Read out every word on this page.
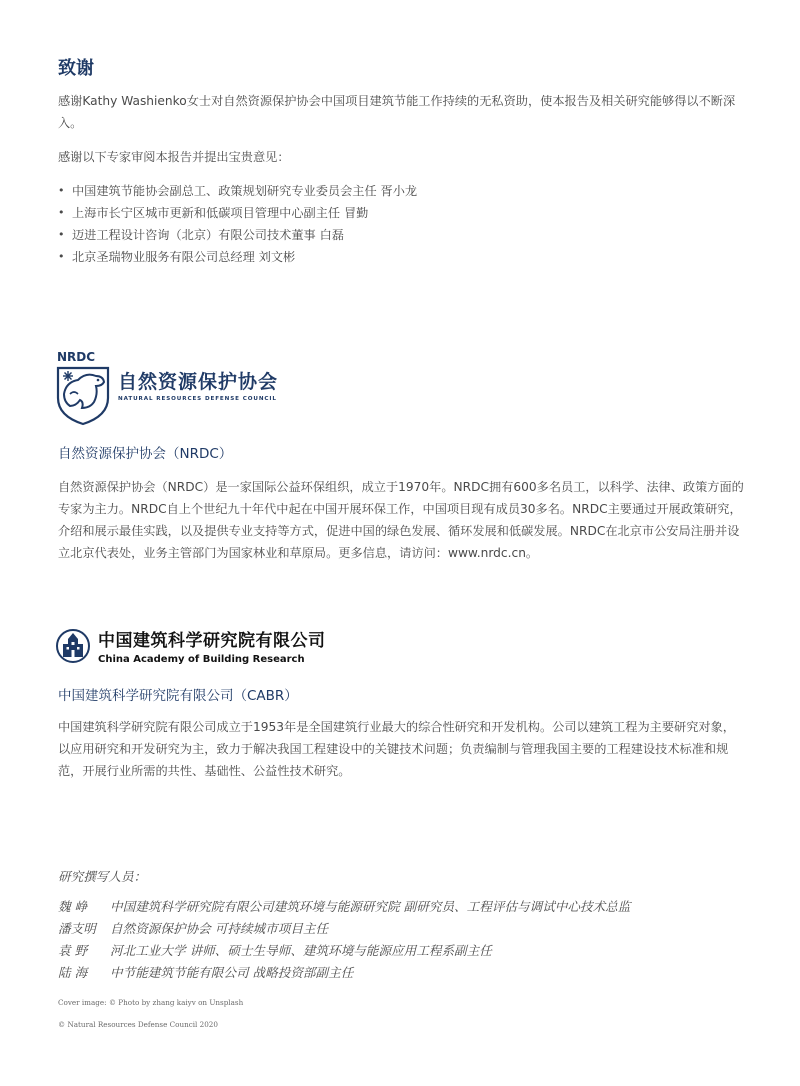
致谢
感谢Kathy Washienko女士对自然资源保护协会中国项目建筑节能工作持续的无私资助，使本报告及相关研究能够得以不断深入。
感谢以下专家审阅本报告并提出宝贵意见：
• 中国建筑节能协会副总工、政策规划研究专业委员会主任 胥小龙
• 上海市长宁区城市更新和低碳项目管理中心副主任 冒勤
• 迈进工程设计咨询（北京）有限公司技术董事 白磊
• 北京圣瑞物业服务有限公司总经理 刘文彬
NRDC
自然资源保护协会
NATURAL RESOURCES DEFENSE COUNCIL
自然资源保护协会（NRDC）
自然资源保护协会（NRDC）是一家国际公益环保组织，成立于1970年。NRDC拥有600多名员工，以科学、法律、政策方面的专家为主力。NRDC自上个世纪九十年代中起在中国开展环保工作，中国项目现有成员30多名。NRDC主要通过开展政策研究，介绍和展示最佳实践，以及提供专业支持等方式，促进中国的绿色发展、循环发展和低碳发展。NRDC在北京市公安局注册并设立北京代表处，业务主管部门为国家林业和草原局。更多信息，请访问：www.nrdc.cn。
中国建筑科学研究院有限公司
China Academy of Building Research
中国建筑科学研究院有限公司（CABR）
中国建筑科学研究院有限公司成立于1953年是全国建筑行业最大的综合性研究和开发机构。公司以建筑工程为主要研究对象，以应用研究和开发研究为主，致力于解决我国工程建设中的关键技术问题；负责编制与管理我国主要的工程建设技术标准和规范，开展行业所需的共性、基础性、公益性技术研究。
研究撰写人员：
魏 峥 中国建筑科学研究院有限公司建筑环境与能源研究院 副研究员、工程评估与调试中心技术总监
潘支明 自然资源保护协会 可持续城市项目主任
袁 野 河北工业大学 讲师、硕士生导师、建筑环境与能源应用工程系副主任
陆 海 中节能建筑节能有限公司 战略投资部副主任
Cover image: © Photo by zhang kaiyv on Unsplash
© Natural Resources Defense Council 2020
